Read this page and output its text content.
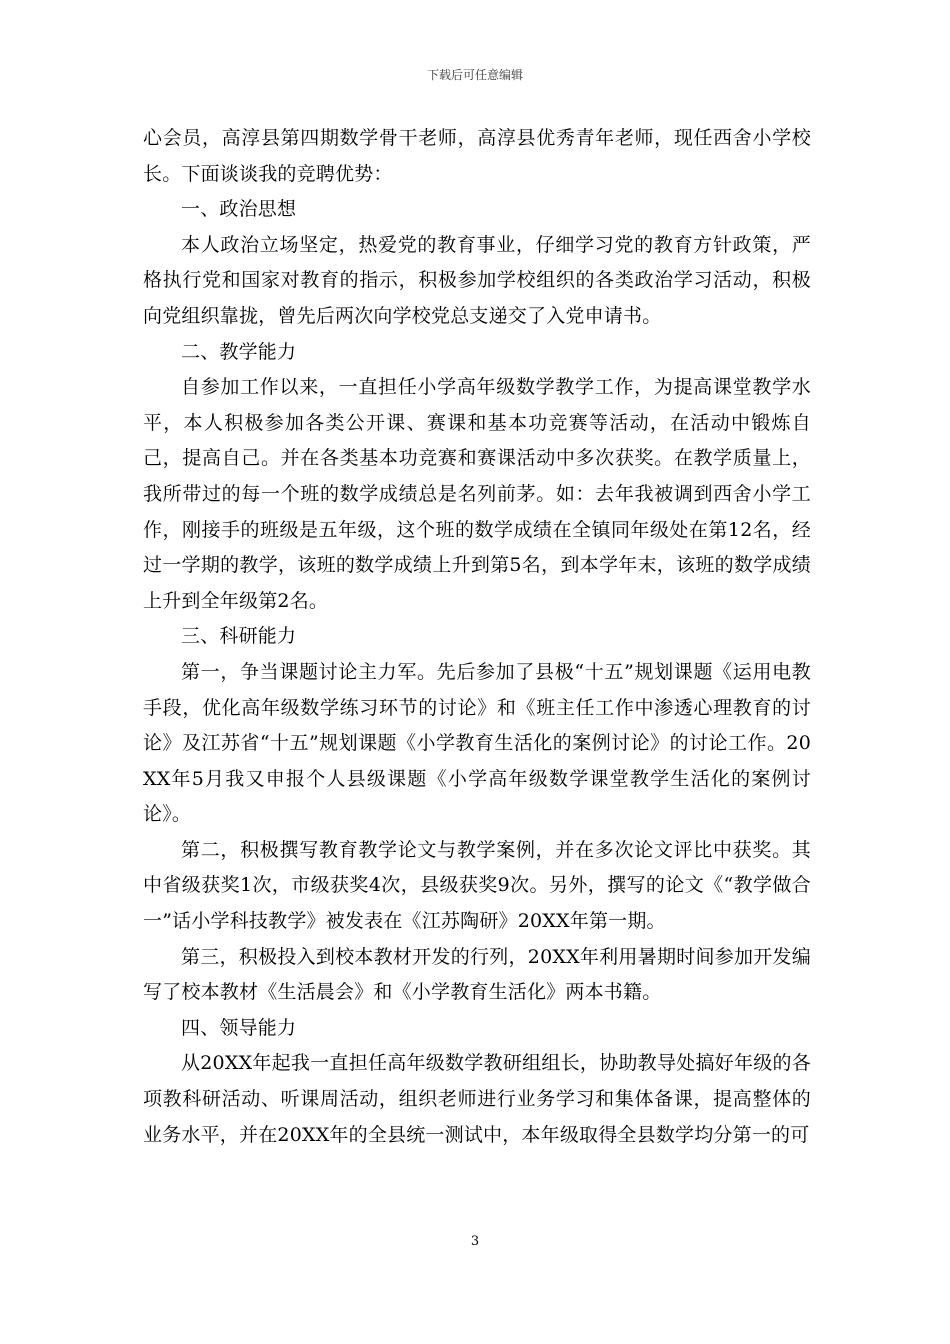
下载后可任意编辑

心会员，高淳县第四期数学骨干老师，高淳县优秀青年老师，现任西舍小学校长。下面谈谈我的竞聘优势：

一、政治思想

本人政治立场坚定，热爱党的教育事业，仔细学习党的教育方针政策，严格执行党和国家对教育的指示，积极参加学校组织的各类政治学习活动，积极向党组织靠拢，曾先后两次向学校党总支递交了入党申请书。

二、教学能力

自参加工作以来，一直担任小学高年级数学教学工作，为提高课堂教学水平，本人积极参加各类公开课、赛课和基本功竞赛等活动，在活动中锻炼自己，提高自己。并在各类基本功竞赛和赛课活动中多次获奖。在教学质量上，我所带过的每一个班的数学成绩总是名列前茅。如：去年我被调到西舍小学工作，刚接手的班级是五年级，这个班的数学成绩在全镇同年级处在第12名，经过一学期的教学，该班的数学成绩上升到第5名，到本学年末，该班的数学成绩上升到全年级第2名。

三、科研能力

第一，争当课题讨论主力军。先后参加了县极“十五”规划课题《运用电教手段，优化高年级数学练习环节的讨论》和《班主任工作中渗透心理教育的讨论》及江苏省“十五”规划课题《小学教育生活化的案例讨论》的讨论工作。20XX年5月我又申报个人县级课题《小学高年级数学课堂教学生活化的案例讨论》。

第二，积极撰写教育教学论文与教学案例，并在多次论文评比中获奖。其中省级获奖1次，市级获奖4次，县级获奖9次。另外，撰写的论文《“教学做合一”话小学科技教学》被发表在《江苏陶研》20XX年第一期。

第三，积极投入到校本教材开发的行列，20XX年利用暑期时间参加开发编写了校本教材《生活晨会》和《小学教育生活化》两本书籍。

四、领导能力

从20XX年起我一直担任高年级数学教研组组长，协助教导处搞好年级的各项教科研活动、听课周活动，组织老师进行业务学习和集体备课，提高整体的业务水平，并在20XX年的全县统一测试中，本年级取得全县数学均分第一的可

3
